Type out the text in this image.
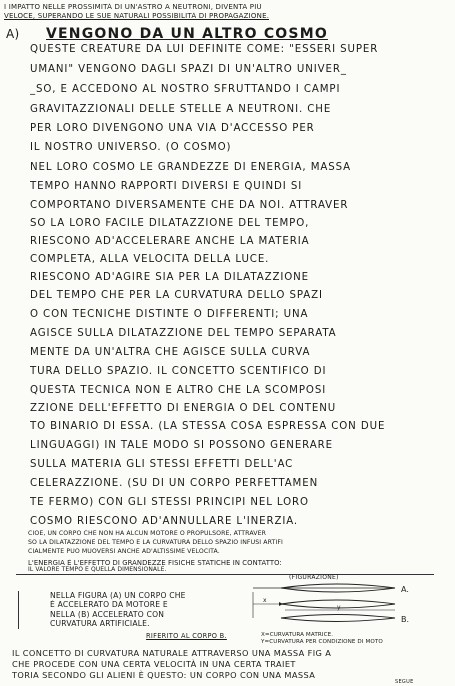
I IMPATTO NELLE PROSSIMITÀ DI UN'ASTRO A NEUTRONI, DIVENTA PIÙ
VELOCE, SUPERANDO LE SUE NATURALI POSSIBILITÀ DI PROPAGAZIONE.
A) VENGONO DA UN ALTRO COSMO
QUESTE CREATURE DA LUI DEFINITE COME: "ESSERI SUPER
UMANI" VENGONO DAGLI SPAZI DI UN'ALTRO UNIVER_
_SO, E ACCEDONO AL NOSTRO SFRUTTANDO I CAMPI
GRAVITAZZIONALI DELLE STELLE A NEUTRONI. CHE
PER LORO DIVENGONO UNA VIA D'ACCESSO PER
IL NOSTRO UNIVERSO. (O COSMO)
NEL LORO COSMO LE GRANDEZZE DI ENERGIA, MASSA
TEMPO HANNO RAPPORTI DIVERSI E QUINDI SI
COMPORTANO DIVERSAMENTE CHE DA NOI. ATTRAVER
SO LA LORO FACILE DILATAZZIONE DEL TEMPO,
RIESCONO AD'ACCELERARE ANCHE LA MATERIA
COMPLETA, ALLA VELOCITÀ DELLA LUCE.
RIESCONO AD'AGIRE SIA PER LA DILATAZZIONE
DEL TEMPO CHE PER LA CURVATURA DELLO SPAZI
O CON TECNICHE DISTINTE O DIFFERENTI; UNA
AGISCE SULLA DILATAZZIONE DEL TEMPO SEPARATA
MENTE DA UN'ALTRA CHE AGISCE SULLA CURVA
TURA DELLO SPAZIO. IL CONCETTO SCENTIFICO DI
QUESTA TECNICA NON È ALTRO CHE LA SCOMPOSI
ZZIONE DELL'EFFETTO DI ENERGIA O DEL CONTENU
TO BINARIO DI ESSA. (LA STESSA COSA ESPRESSA CON DUE
LINGUAGGI) IN TALE MODO SI POSSONO GENERARE
SULLA MATERIA GLI STESSI EFFETTI DELL'AC
CELERAZZIONE. (SU DI UN CORPO PERFETTAMEN
TE FERMO) CON GLI STESSI PRINCIPI NEL LORO
COSMO RIESCONO AD'ANNULLARE L'INERZIA.
CIOÈ, UN CORPO CHE NON HA ALCUN MOTORE O PROPULSORE, ATTRAVER
SO LA DILATAZZIONE DEL TEMPO E LA CURVATURA DELLO SPAZIO INFUSI ARTIFI
CIALMENTE PUÒ MUOVERSI ANCHE AD'ALTISSIME VELOCITÀ.
L'ENERGIA È L'EFFETTO DI GRANDEZZE FISICHE STATICHE IN CONTATTO:
IL VALORE TEMPO E QUELLA DIMENSIONALE.
(FIGURAZIONE)
NELLA FIGURA (A) UN CORPO CHE
È ACCELERATO DA MOTORE E
NELLA (B) ACCELERATO CON
CURVATURA ARTIFICIALE.
x
y
A.
B.
RIFERITO AL CORPO B.	X=CURVATURA MATRICE.
Y=CURVATURA PER CONDIZIONE DI MOTO
IL CONCETTO DI CURVATURA NATURALE ATTRAVERSO UNA MASSA FIG A
CHE PROCEDE CON UNA CERTA VELOCITÀ IN UNA CERTA TRAIET
TORIA SECONDO GLI ALIENI È QUESTO: UN CORPO CON UNA MASSA
SEGUE
